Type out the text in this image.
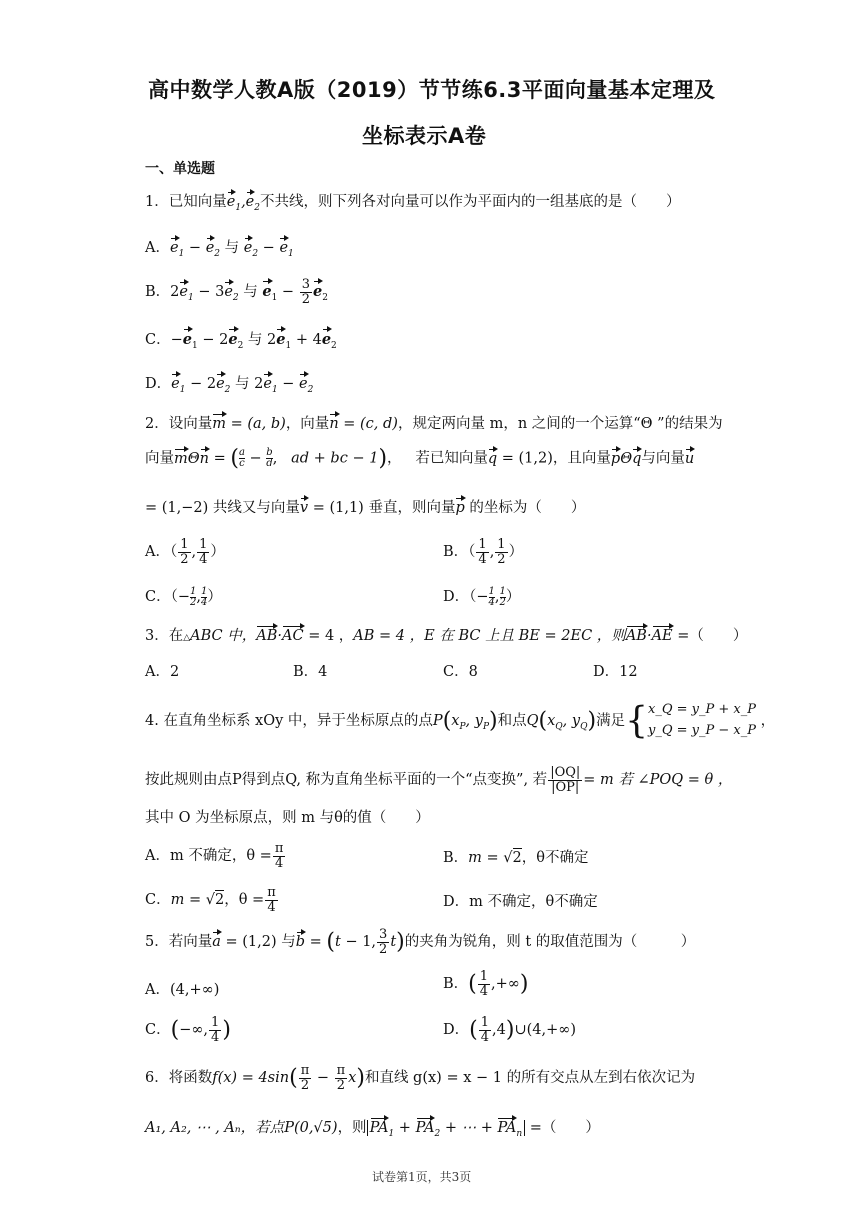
高中数学人教A版（2019）节节练6.3平面向量基本定理及
坐标表示A卷
一、单选题
1．已知向量$e_1,e_2$不共线，则下列各对向量可以作为平面内的一组基底的是（　　）
A．$e_1 - e_2$ 与 $e_2 - e_1$
B．$2e_1 - 3e_2$ 与 $e_1 - \frac{3}{2} e_2$
C．$-e_1 - 2e_2$ 与 $2e_1 + 4e_2$
D．$e_1 - 2e_2$ 与 $2e_1 - e_2$
2．设向量m = (a, b)，向量n = (c, d)，规定两向量 m，n 之间的一个运算“Θ ”的结果为
向量mΘn = ( $\frac{a}{c} - \frac{b}{d}$,   ad + bc − 1)，   若已知向量q = (1,2)，且向量pΘq与向量u
= (1,−2) 共线又与向量v = (1,1) 垂直，则向量p 的坐标为（　　）
A．（ $\frac{1}{2}$ , $\frac{1}{4}$ ）	B．（ $\frac{1}{4}$ , $\frac{1}{2}$ ）
C．（− $\frac{1}{2}$, $\frac{1}{4}$）	D．（− $\frac{1}{4}$, $\frac{1}{2}$）
3．在△ABC 中，AB·AC = 4 ，AB = 4 ，E 在 BC 上且 BE = 2EC ，则AB·AE =（　　）
A．2	B．4	C．8	D．12
4. 在直角坐标系 xOy 中，异于坐标原点的点$P(x_P$, $y_P$)和点$Q(x_Q$, $y_Q$)满足{x_Q = y_P + x_P
y_Q = y_P − x_P ，
按此规则由点P得到点Q, 称为直角坐标平面的一个“点变换”, 若 $\frac{|OQ|}{|OP|} = m$ 若 ∠POQ = θ ，
其中 O 为坐标原点，则 m 与θ的值（　　）
A．m 不确定，$\theta = \frac{\pi}{4}$	B．m = √2，θ不确定
C．m = √2，$\theta = \frac{\pi}{4}$	D．m 不确定，θ不确定
5．若向量a = (1,2) 与b = (t − 1, $\frac{3}{2} t$)的夹角为锐角，则 t 的取值范围为（　　　）
A．(4,+∞)	B．( $\frac{1}{4}$ ,+∞)
C．(−∞, $\frac{1}{4}$ )	D．( $\frac{1}{4}$ ,4)∪(4,+∞)
6．将函数$f(x) = 4\sin( \frac{\pi}{2} - \frac{\pi}{2} x)$和直线 g(x) = x − 1 的所有交点从左到右依次记为
A₁, A₂, ⋯ , Aₙ，若点P(0,√5)，则 $PA_1 + PA_2$ + ⋯ + $PA_n$ =（　　）
试卷第1页，共3页
